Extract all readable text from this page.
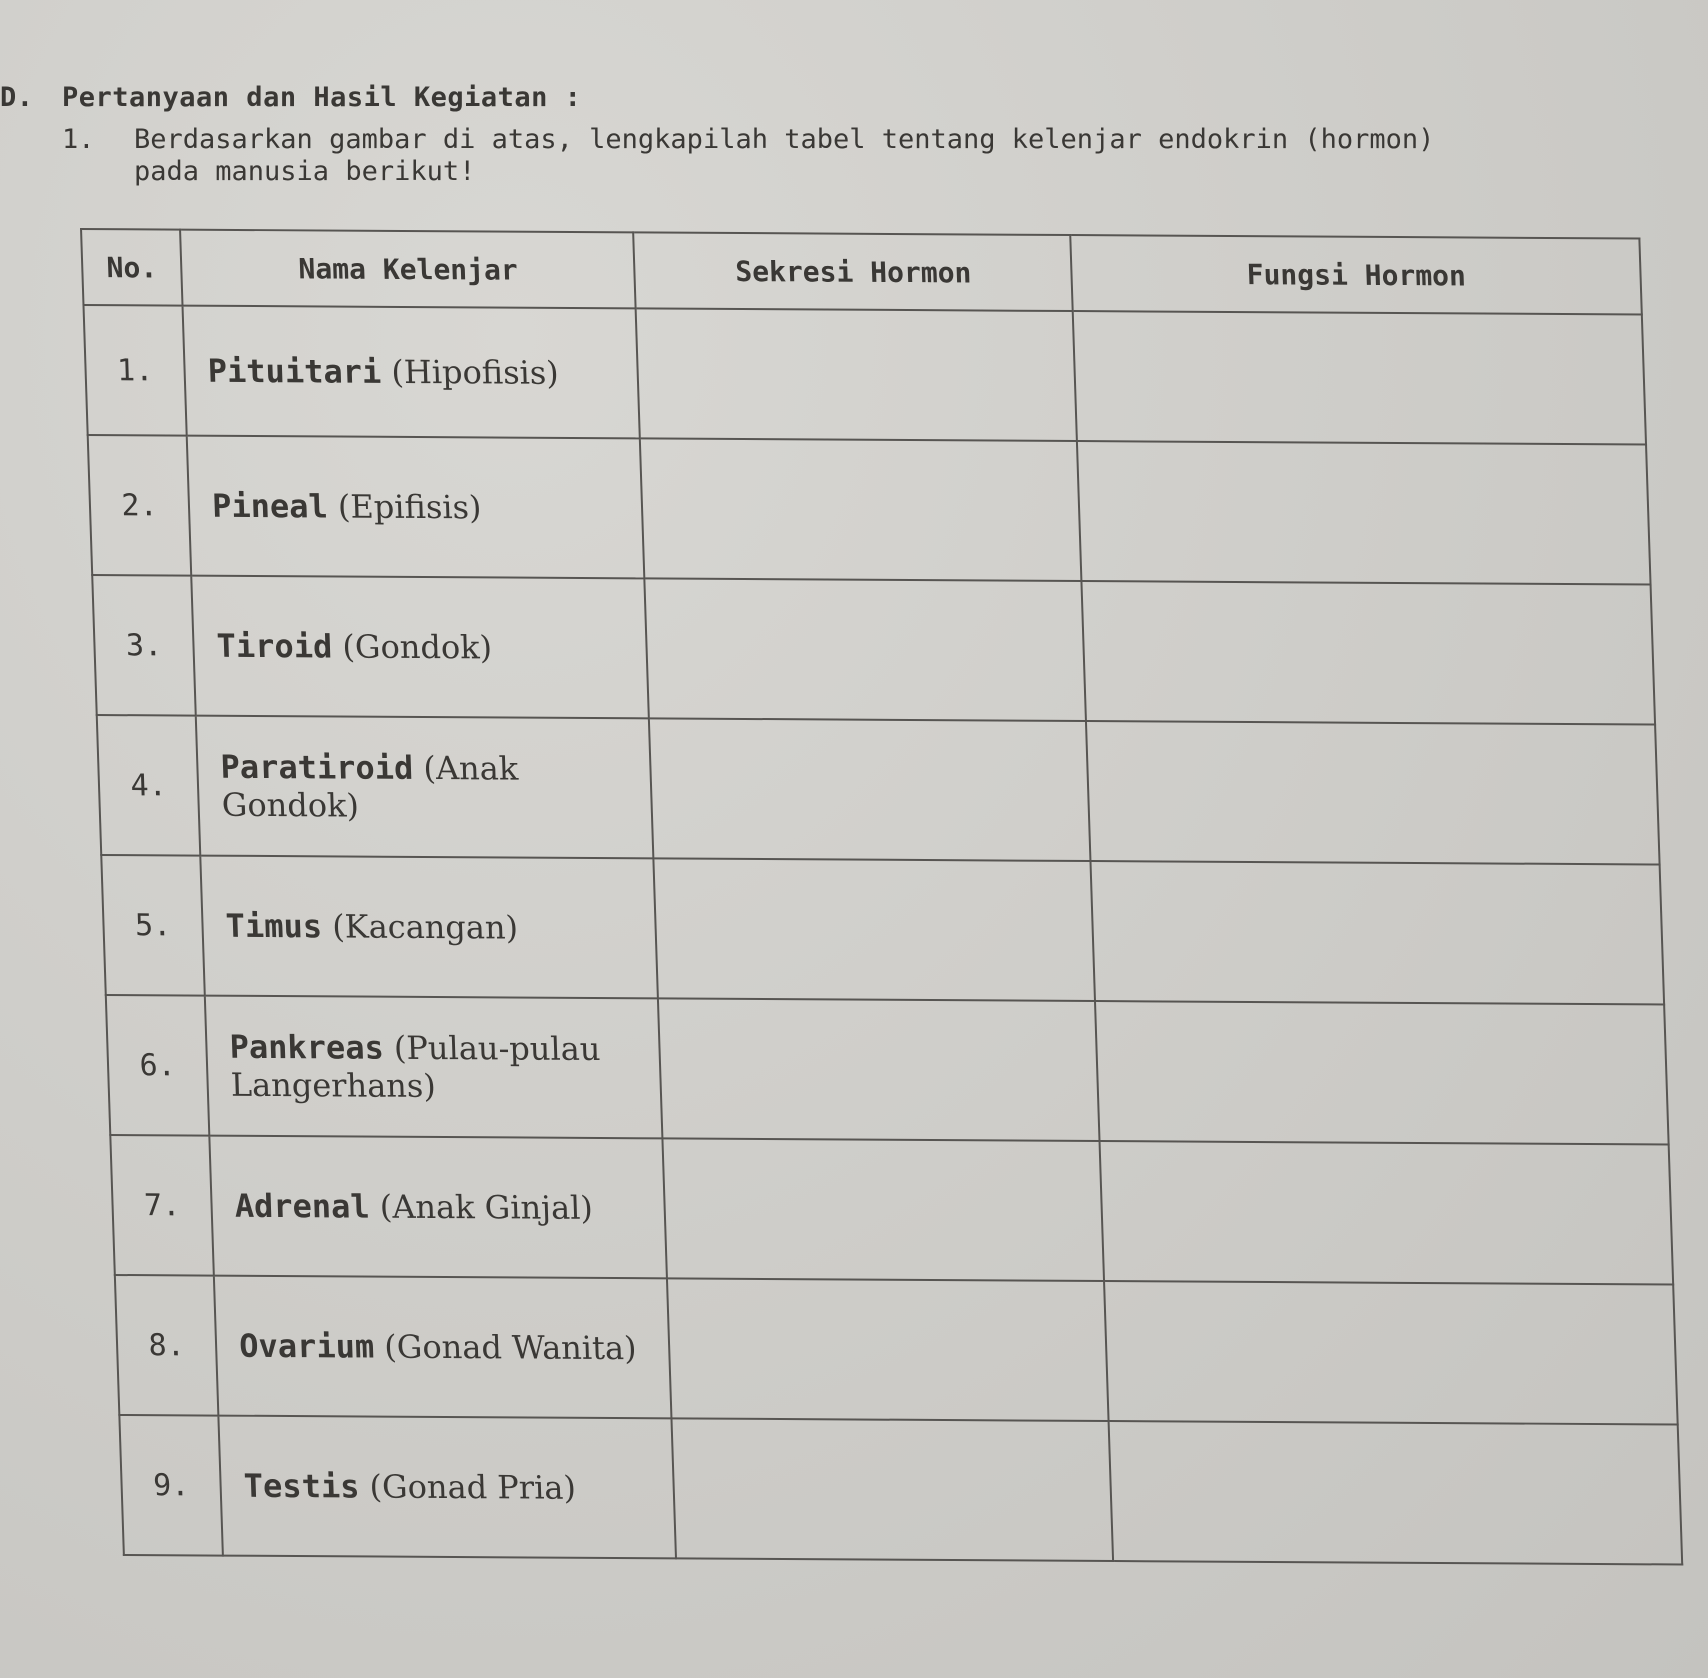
D. Pertanyaan dan Hasil Kegiatan :
1. Berdasarkan gambar di atas, lengkapilah tabel tentang kelenjar endokrin (hormon)
pada manusia berikut!
No.	Nama Kelenjar	Sekresi Hormon	Fungsi Hormon
1.	Pituitari (Hipofisis)		
2.	Pineal (Epifisis)		
3.	Tiroid (Gondok)		
4.	Paratiroid (Anak Gondok)		
5.	Timus (Kacangan)		
6.	Pankreas (Pulau-pulau Langerhans)		
7.	Adrenal (Anak Ginjal)		
8.	Ovarium (Gonad Wanita)		
9.	Testis (Gonad Pria)		
